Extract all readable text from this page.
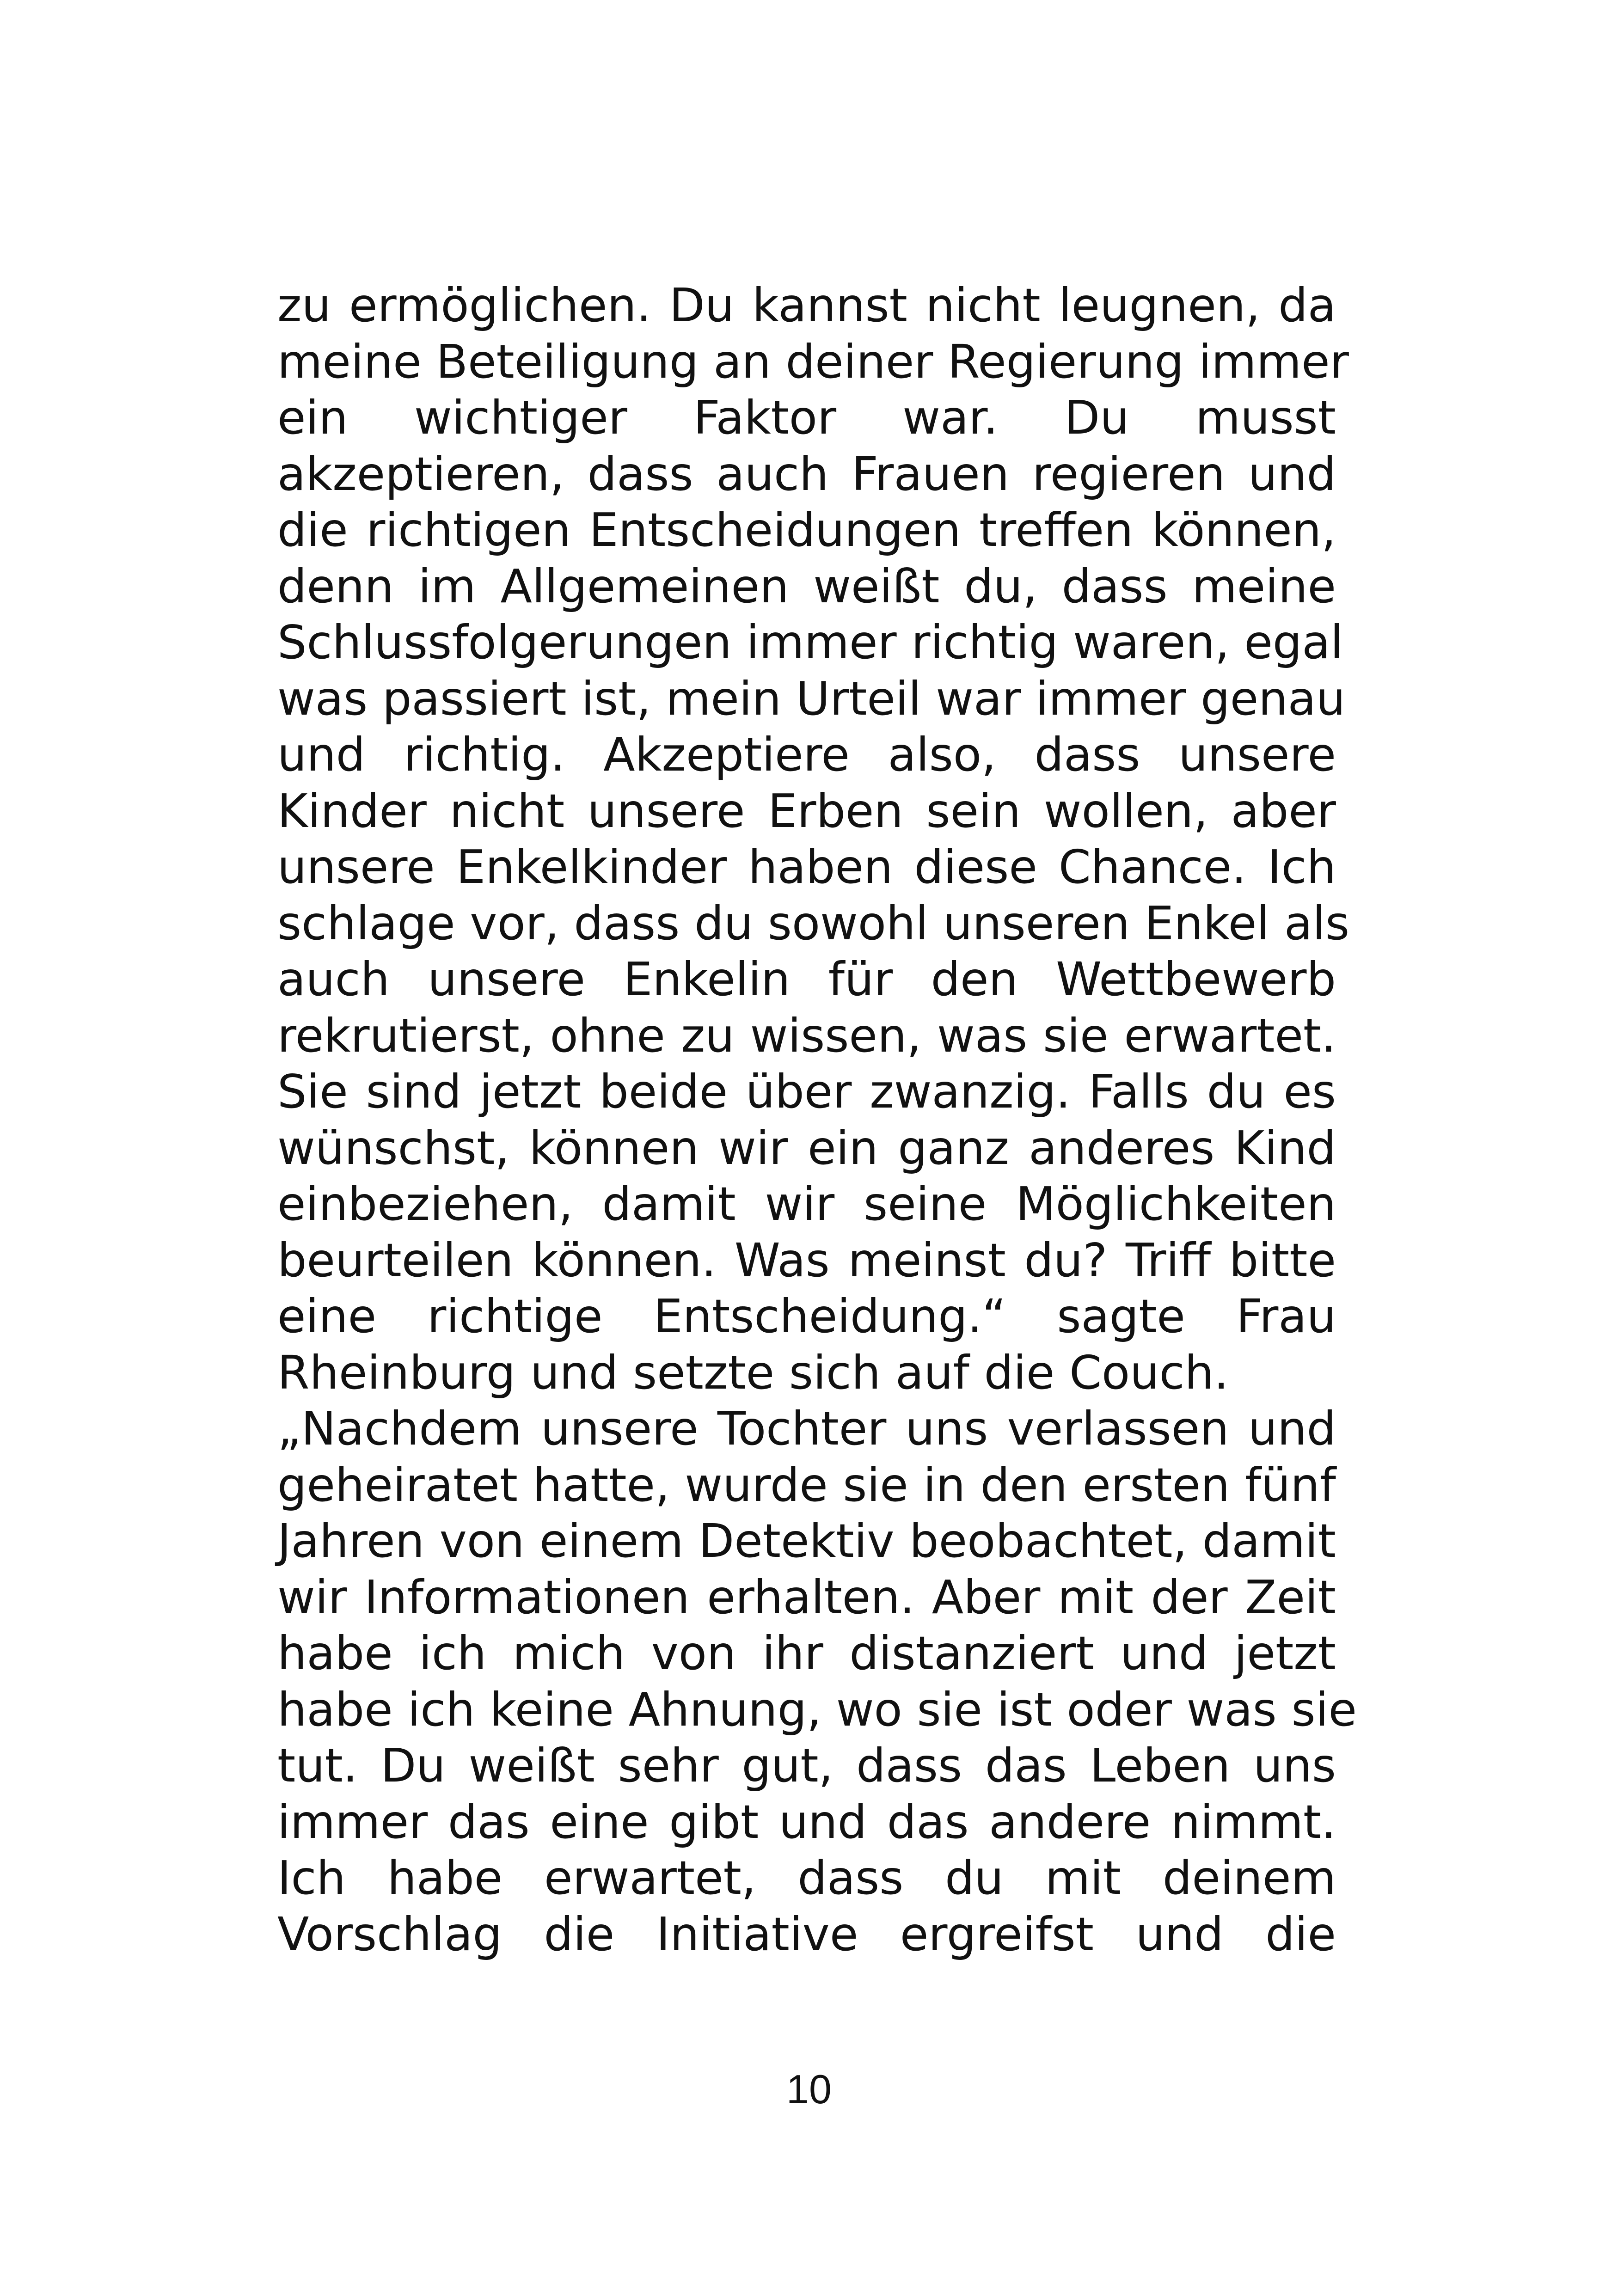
zu ermöglichen. Du kannst nicht leugnen, da
meine Beteiligung an deiner Regierung immer
ein wichtiger Faktor war. Du musst
akzeptieren, dass auch Frauen regieren und
die richtigen Entscheidungen treffen können,
denn im Allgemeinen weißt du, dass meine
Schlussfolgerungen immer richtig waren, egal
was passiert ist, mein Urteil war immer genau
und richtig. Akzeptiere also, dass unsere
Kinder nicht unsere Erben sein wollen, aber
unsere Enkelkinder haben diese Chance. Ich
schlage vor, dass du sowohl unseren Enkel als
auch unsere Enkelin für den Wettbewerb
rekrutierst, ohne zu wissen, was sie erwartet.
Sie sind jetzt beide über zwanzig. Falls du es
wünschst, können wir ein ganz anderes Kind
einbeziehen, damit wir seine Möglichkeiten
beurteilen können. Was meinst du? Triff bitte
eine richtige Entscheidung.“ sagte Frau
Rheinburg und setzte sich auf die Couch.
„Nachdem unsere Tochter uns verlassen und
geheiratet hatte, wurde sie in den ersten fünf
Jahren von einem Detektiv beobachtet, damit
wir Informationen erhalten. Aber mit der Zeit
habe ich mich von ihr distanziert und jetzt
habe ich keine Ahnung, wo sie ist oder was sie
tut. Du weißt sehr gut, dass das Leben uns
immer das eine gibt und das andere nimmt.
Ich habe erwartet, dass du mit deinem
Vorschlag die Initiative ergreifst und die
10
